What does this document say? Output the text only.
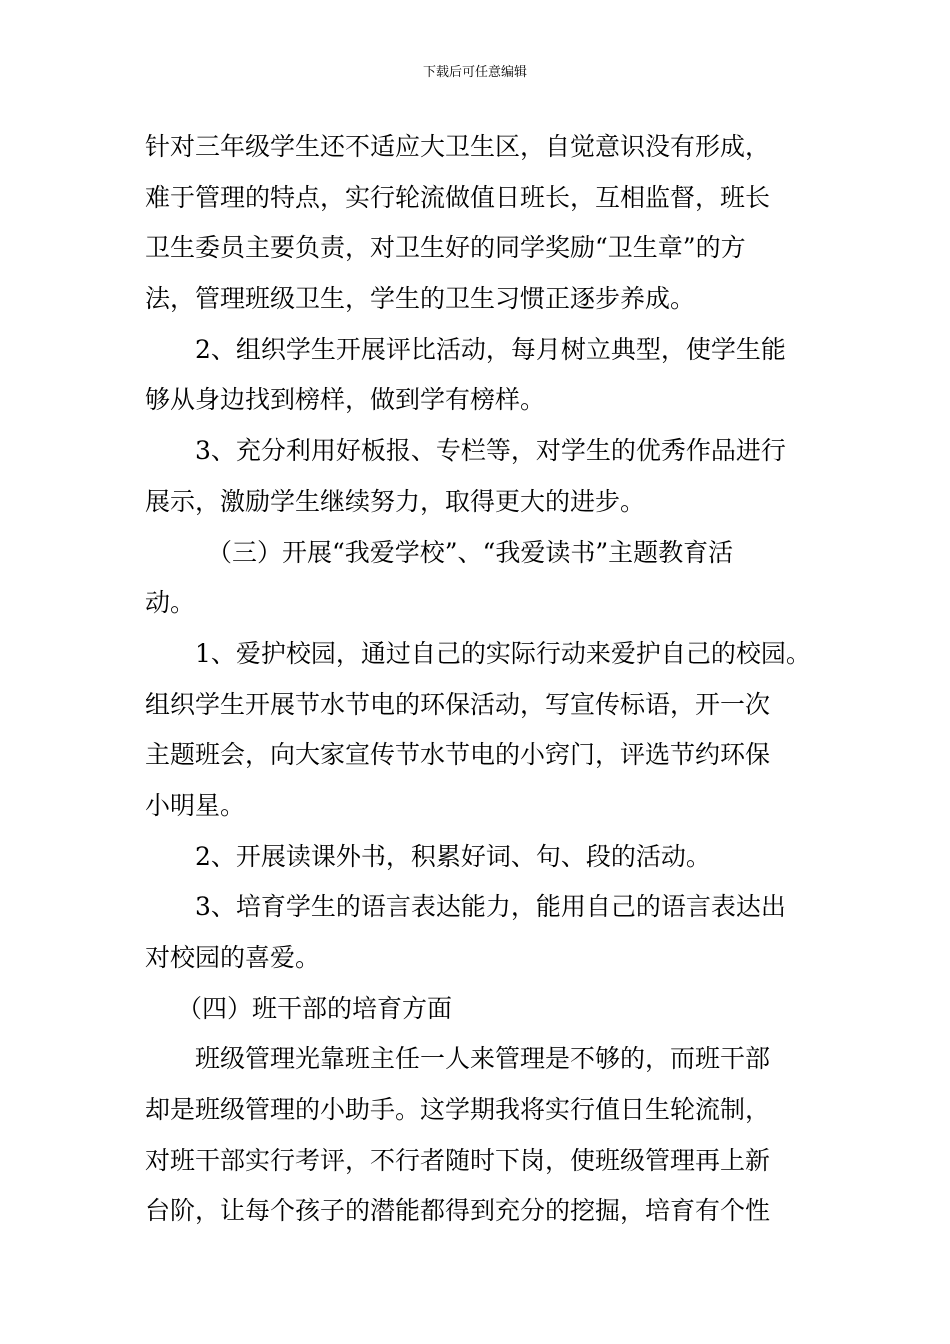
下载后可任意编辑
针对三年级学生还不适应大卫生区，自觉意识没有形成，
难于管理的特点，实行轮流做值日班长，互相监督，班长
卫生委员主要负责，对卫生好的同学奖励“卫生章”的方
法，管理班级卫生，学生的卫生习惯正逐步养成。
2、组织学生开展评比活动，每月树立典型，使学生能
够从身边找到榜样，做到学有榜样。
3、充分利用好板报、专栏等，对学生的优秀作品进行
展示，激励学生继续努力，取得更大的进步。
（三）开展“我爱学校”、“我爱读书”主题教育活
动。
1、爱护校园，通过自己的实际行动来爱护自己的校园。
组织学生开展节水节电的环保活动，写宣传标语，开一次
主题班会，向大家宣传节水节电的小窍门，评选节约环保
小明星。
2、开展读课外书，积累好词、句、段的活动。
3、培育学生的语言表达能力，能用自己的语言表达出
对校园的喜爱。
（四）班干部的培育方面
班级管理光靠班主任一人来管理是不够的，而班干部
却是班级管理的小助手。这学期我将实行值日生轮流制，
对班干部实行考评，不行者随时下岗，使班级管理再上新
台阶，让每个孩子的潜能都得到充分的挖掘，培育有个性
